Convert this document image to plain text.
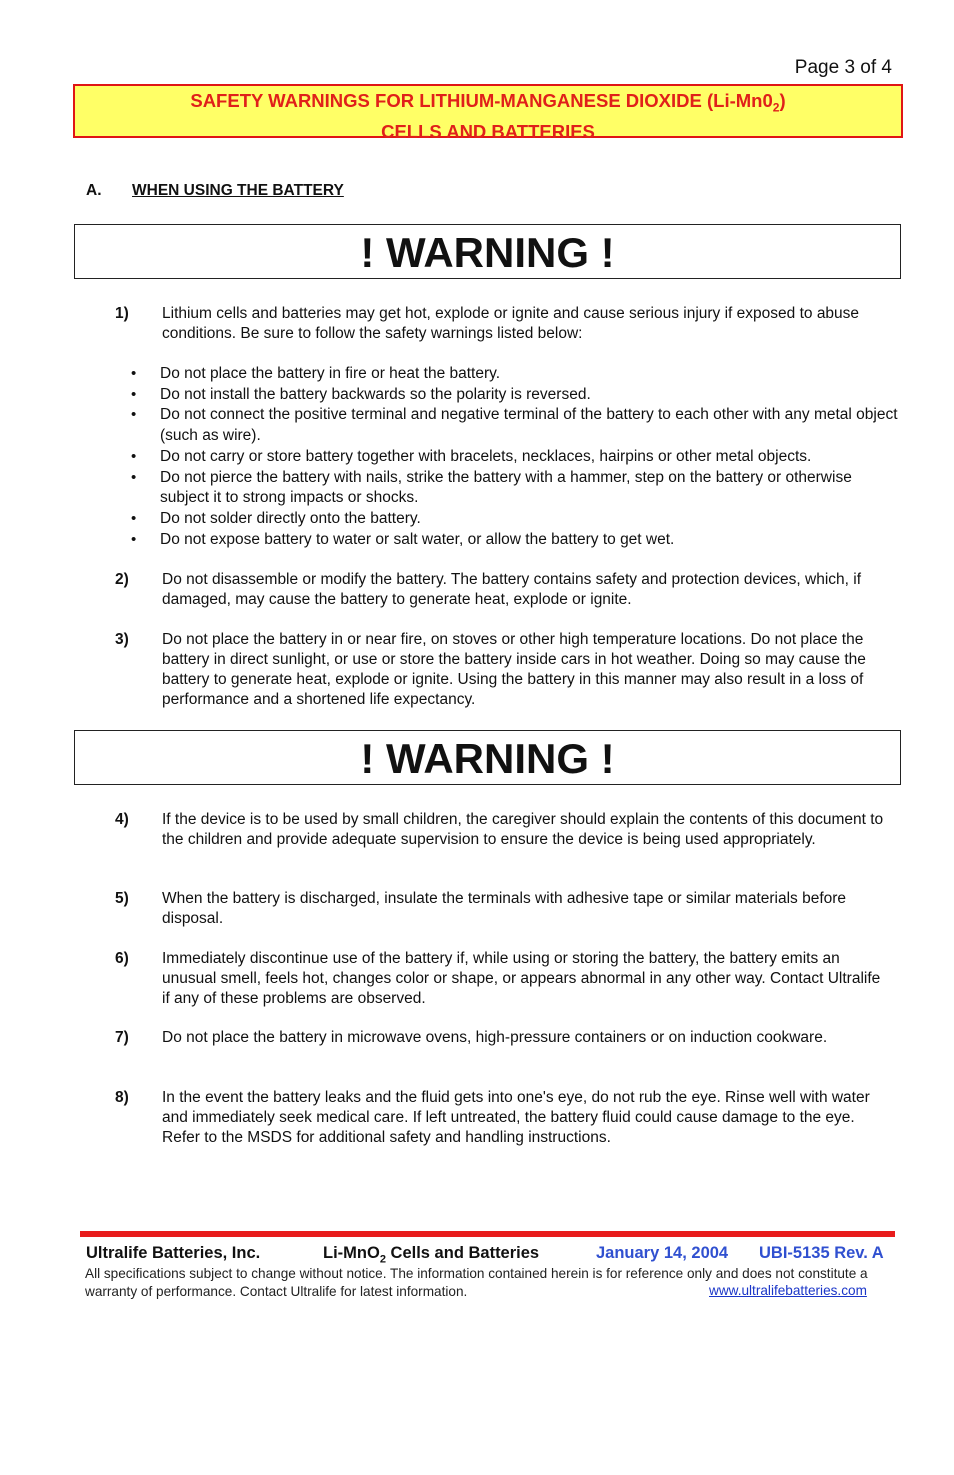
Page 3 of 4
SAFETY WARNINGS FOR LITHIUM-MANGANESE DIOXIDE $(Li-Mn0_2)$
CELLS AND BATTERIES
A. WHEN USING THE BATTERY
! WARNING !
1) Lithium cells and batteries may get hot, explode or ignite and cause serious injury if exposed to abuse conditions. Be sure to follow the safety warnings listed below:
• Do not place the battery in fire or heat the battery.
• Do not install the battery backwards so the polarity is reversed.
• Do not connect the positive terminal and negative terminal of the battery to each other with any metal object (such as wire).
• Do not carry or store battery together with bracelets, necklaces, hairpins or other metal objects.
• Do not pierce the battery with nails, strike the battery with a hammer, step on the battery or otherwise subject it to strong impacts or shocks.
• Do not solder directly onto the battery.
• Do not expose battery to water or salt water, or allow the battery to get wet.
2) Do not disassemble or modify the battery. The battery contains safety and protection devices, which, if damaged, may cause the battery to generate heat, explode or ignite.
3) Do not place the battery in or near fire, on stoves or other high temperature locations. Do not place the battery in direct sunlight, or use or store the battery inside cars in hot weather. Doing so may cause the battery to generate heat, explode or ignite. Using the battery in this manner may also result in a loss of performance and a shortened life expectancy.
! WARNING !
4) If the device is to be used by small children, the caregiver should explain the contents of this document to the children and provide adequate supervision to ensure the device is being used appropriately.
5) When the battery is discharged, insulate the terminals with adhesive tape or similar materials before disposal.
6) Immediately discontinue use of the battery if, while using or storing the battery, the battery emits an unusual smell, feels hot, changes color or shape, or appears abnormal in any other way. Contact Ultralife if any of these problems are observed.
7) Do not place the battery in microwave ovens, high-pressure containers or on induction cookware.
8) In the event the battery leaks and the fluid gets into one's eye, do not rub the eye. Rinse well with water and immediately seek medical care. If left untreated, the battery fluid could cause damage to the eye. Refer to the MSDS for additional safety and handling instructions.
Ultralife Batteries, Inc.	Li-MnO$_2$ Cells and Batteries	January 14, 2004 UBI-5135 Rev. A
All specifications subject to change without notice. The information contained herein is for reference only and does not constitute a warranty of performance. Contact Ultralife for latest information.	www.ultralifebatteries.com
